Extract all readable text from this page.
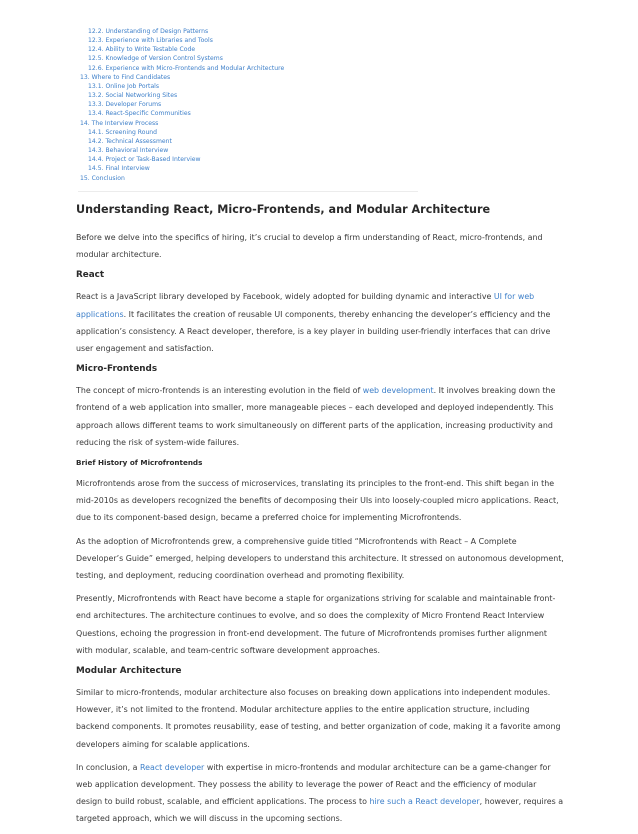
12.2. Understanding of Design Patterns
12.3. Experience with Libraries and Tools
12.4. Ability to Write Testable Code
12.5. Knowledge of Version Control Systems
12.6. Experience with Micro-Frontends and Modular Architecture
13. Where to Find Candidates
13.1. Online Job Portals
13.2. Social Networking Sites
13.3. Developer Forums
13.4. React-Specific Communities
14. The Interview Process
14.1. Screening Round
14.2. Technical Assessment
14.3. Behavioral Interview
14.4. Project or Task-Based Interview
14.5. Final Interview
15. Conclusion
Understanding React, Micro-Frontends, and Modular Architecture

Before we delve into the specifics of hiring, it’s crucial to develop a firm understanding of React, micro-frontends, and modular architecture.

React

React is a JavaScript library developed by Facebook, widely adopted for building dynamic and interactive UI for web applications. It facilitates the creation of reusable UI components, thereby enhancing the developer’s efficiency and the application’s consistency. A React developer, therefore, is a key player in building user-friendly interfaces that can drive user engagement and satisfaction.

Micro-Frontends

The concept of micro-frontends is an interesting evolution in the field of web development. It involves breaking down the frontend of a web application into smaller, more manageable pieces – each developed and deployed independently. This approach allows different teams to work simultaneously on different parts of the application, increasing productivity and reducing the risk of system-wide failures.

Brief History of Microfrontends

Microfrontends arose from the success of microservices, translating its principles to the front-end. This shift began in the mid-2010s as developers recognized the benefits of decomposing their UIs into loosely-coupled micro applications. React, due to its component-based design, became a preferred choice for implementing Microfrontends.

As the adoption of Microfrontends grew, a comprehensive guide titled “Microfrontends with React – A Complete Developer’s Guide” emerged, helping developers to understand this architecture. It stressed on autonomous development, testing, and deployment, reducing coordination overhead and promoting flexibility.

Presently, Microfrontends with React have become a staple for organizations striving for scalable and maintainable front-end architectures. The architecture continues to evolve, and so does the complexity of Micro Frontend React Interview Questions, echoing the progression in front-end development. The future of Microfrontends promises further alignment with modular, scalable, and team-centric software development approaches.

Modular Architecture

Similar to micro-frontends, modular architecture also focuses on breaking down applications into independent modules. However, it’s not limited to the frontend. Modular architecture applies to the entire application structure, including backend components. It promotes reusability, ease of testing, and better organization of code, making it a favorite among developers aiming for scalable applications.

In conclusion, a React developer with expertise in micro-frontends and modular architecture can be a game-changer for web application development. They possess the ability to leverage the power of React and the efficiency of modular design to build robust, scalable, and efficient applications. The process to hire such a React developer, however, requires a targeted approach, which we will discuss in the upcoming sections.
